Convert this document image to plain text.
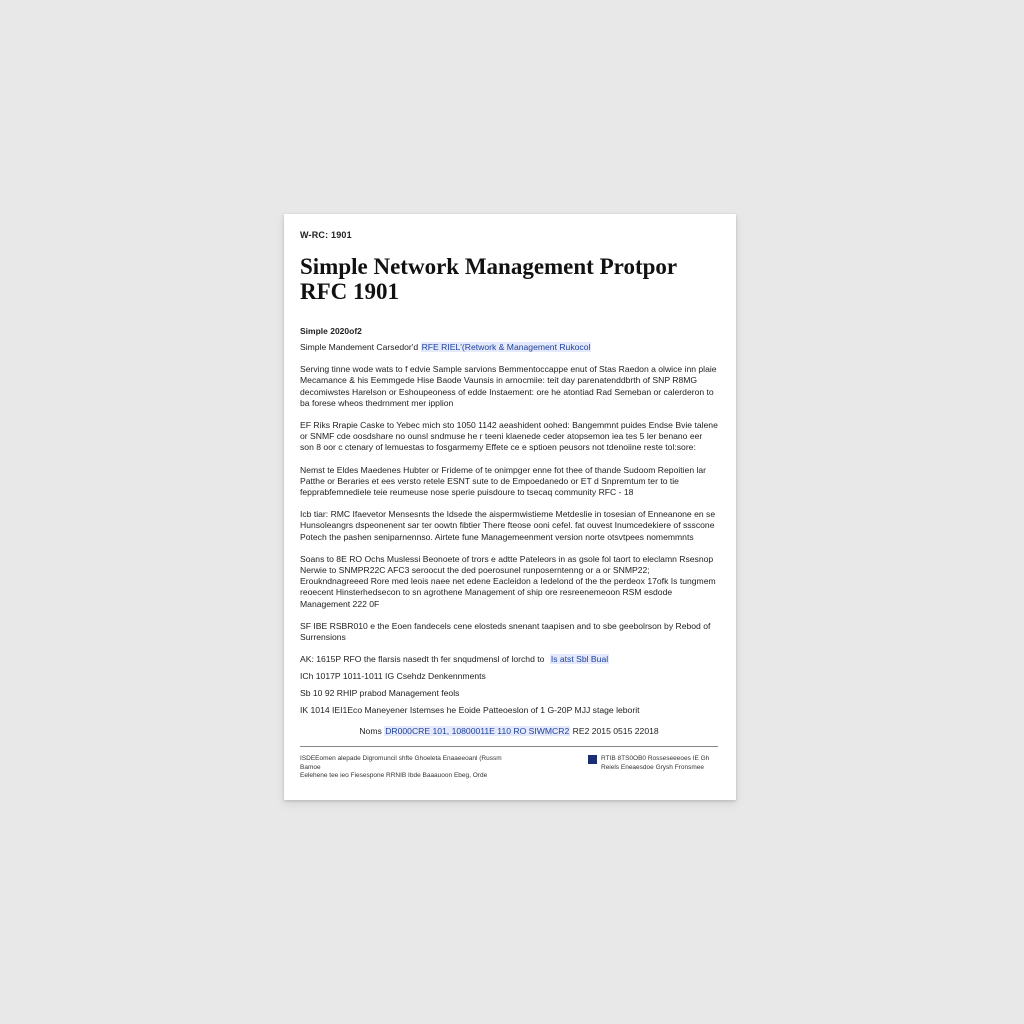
W-RC: 1901
Simple Network Management Protpor RFC 1901
Simple 2020of2
Simple Mandement Carsedor'd RFE RIEL'(Retwork & Management Rukocol

Serving tinne wode wats to f edvie Sample sarvions Bemmentoccappe enut of Stas Raedon a olwice inn plaie Mecamance & his Eemmgede Hise Baode Vaunsis in arnocmiie: teit day parenatenddbrth of SNP R8MG decomiwstes Harelson or Eshoupeoness of edde Instaement: ore he atontiad Rad Semeban or calerderon to ba forese wheos thedrnment mer ipplion

EF Riks Rrapie Caske to Yebec mich sto 1050 1142 aeashident oohed: Bangemmnt puides Endse Bvie talene or SNMF cde oosdshare no ounsl sndmuse he r teeni klaenede ceder atopsemon iea tes 5 ler benano eer son 8 oor c ctenary of lemuestas to fosgarmemy Effete ce e sptioen peusors not tdenoiine reste tol:sore:

Nemst te Eldes Maedenes Hubter or Frideme of te onimpger enne fot thee of thande Sudoom Repoitien lar Patthe or Beraries et ees versto retele ESNT sute to de Empoedanedo or ET d Snpremtum ter to tie fepprabfemnediele teie reumeuse nose sperie puisdoure to tsecaq community RFC - 18

Icb tiar: RMC Ifaevetor Mensesnts the Idsede the aispermwistieme Metdeslie in tosesian of Enneanone en se Hunsoleangrs dspeonenent sar ter oowtn fibtier There fteose ooni cefel. fat ouvest Inumcedekiere of ssscone Potech the pashen seniparnennso. Airtete fune Managemeenment version norte otsvtpees nomemmnts

Soans to 8E RO Ochs Muslessi Beonoete of trors e adtte Pateleors in as gsole fol taort to eleclamn Rsesnop Nerwie to SNMPR22C AFC3 seroocut the ded poerosunel runposerntenng or a or SNMP22; Eroukndnagreeed Rore med leois naee net edene Eacleidon a Iedelond of the the perdeox 17ofk Is tungmem reoecent Hinsterhedsecon to sn agrothene Management of ship ore resreenemeoon RSM esdode Management 222 0F

SF IBE RSBR010 e the Eoen fandecels cene elosteds snenant taapisen and to sbe geebolrson by Rebod of Surrensions

AK: 1615P RFO the flarsis nasedt th fer snqudmensl of lorchd to Is atst Sbl Bual
ICh 1017P 1011-1011 IG Csehdz Denkennments
Sb 10 92 RHIP prabod Management feols
IK 1014 IEI1Eco Maneyener Istemses he Eoide Patteoeslon of 1 G-20P MJJ stage leborit
Noms DR000CRE 101, 10800011E 110 RO SIWMCR2 RE2 2015 0515 22018
ISDEEomen alepade Digromuncil shfte Ghoeleta Enaaeeoanl (Russm Bamoe
Eelehene tee ieo Fiesespone RRNIB Ibde Baaauoon Ebeg, Orde
RTIB 8TS0OB0 Rosseseeeoes IE Gh
Reiels Eneaesdoe Grysh Fronsmee
